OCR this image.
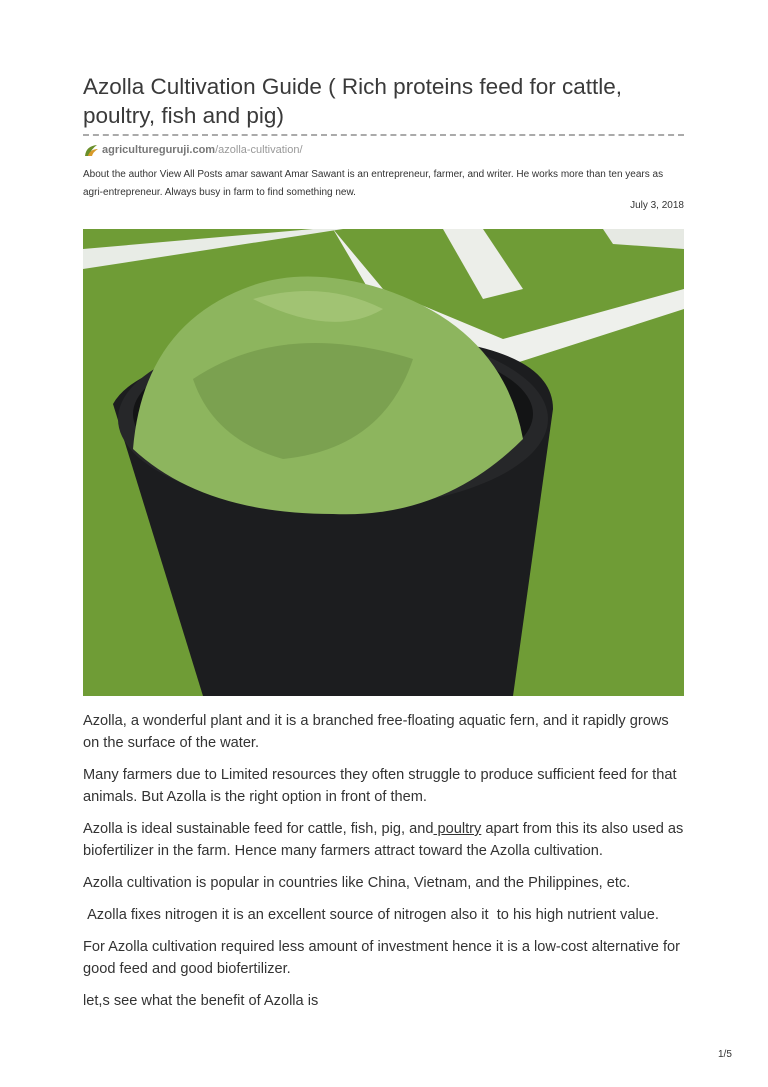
Azolla Cultivation Guide ( Rich proteins feed for cattle, poultry, fish and pig)
agricultureguruji.com/azolla-cultivation/
About the author View All Posts amar sawant Amar Sawant is an entrepreneur, farmer, and writer. He works more than ten years as agri-entrepreneur. Always busy in farm to find something new.
July 3, 2018

Azolla, a wonderful plant and it is a branched free-floating aquatic fern, and it rapidly grows on the surface of the water.

Many farmers due to Limited resources they often struggle to produce sufficient feed for that animals. But Azolla is the right option in front of them.

Azolla is ideal sustainable feed for cattle, fish, pig, and poultry apart from this its also used as biofertilizer in the farm. Hence many farmers attract toward the Azolla cultivation.

Azolla cultivation is popular in countries like China, Vietnam, and the Philippines, etc.

Azolla fixes nitrogen it is an excellent source of nitrogen also it  to his high nutrient value.

For Azolla cultivation required less amount of investment hence it is a low-cost alternative for good feed and good biofertilizer.

let,s see what the benefit of Azolla is

1/5
